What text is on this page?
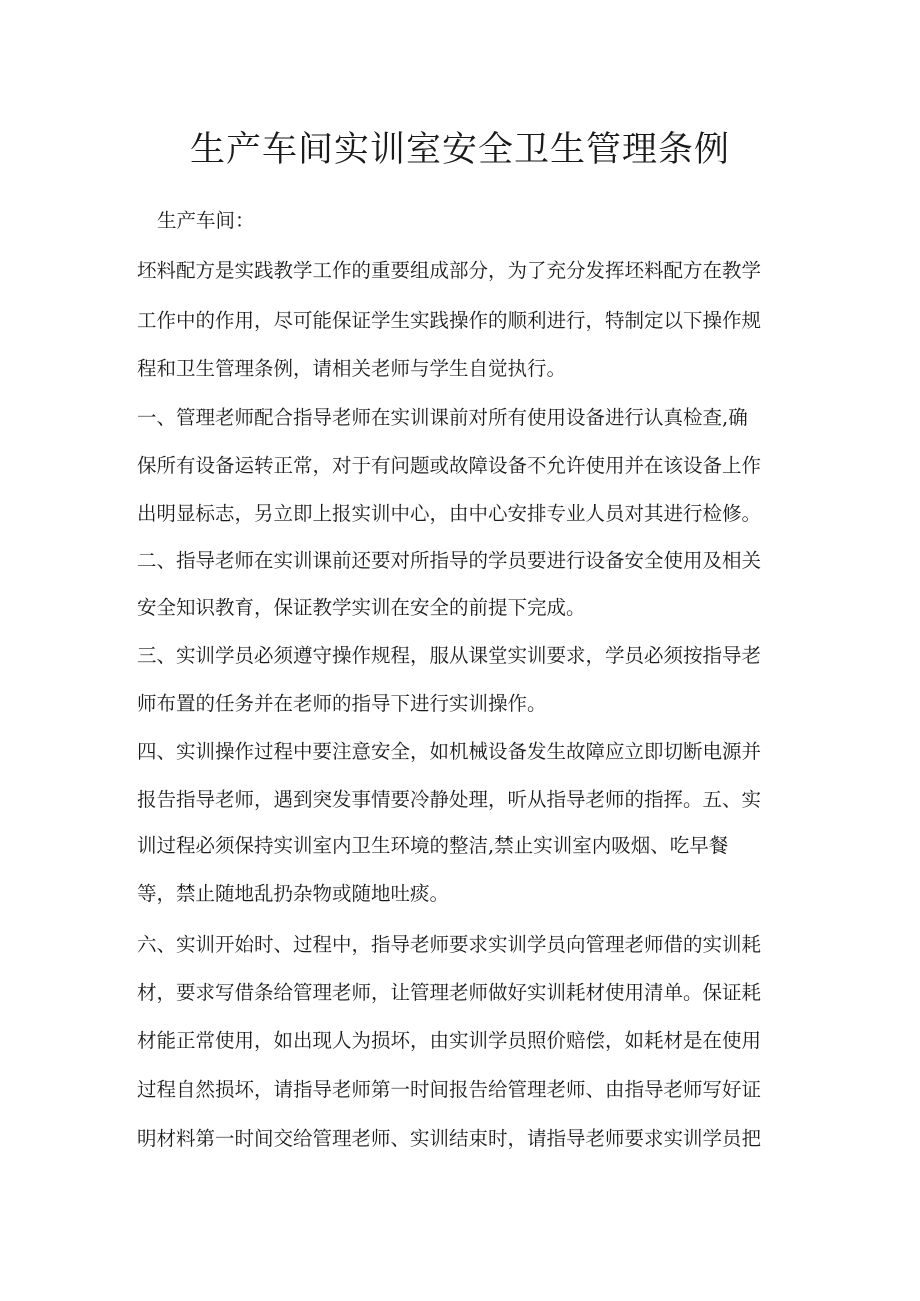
生产车间实训室安全卫生管理条例

生产车间：

坯料配方是实践教学工作的重要组成部分，为了充分发挥坯料配方在教学

工作中的作用，尽可能保证学生实践操作的顺利进行，特制定以下操作规

程和卫生管理条例，请相关老师与学生自觉执行。

一、管理老师配合指导老师在实训课前对所有使用设备进行认真检查,确

保所有设备运转正常，对于有问题或故障设备不允许使用并在该设备上作

出明显标志，另立即上报实训中心，由中心安排专业人员对其进行检修。

二、指导老师在实训课前还要对所指导的学员要进行设备安全使用及相关

安全知识教育，保证教学实训在安全的前提下完成。

三、实训学员必须遵守操作规程，服从课堂实训要求，学员必须按指导老

师布置的任务并在老师的指导下进行实训操作。

四、实训操作过程中要注意安全，如机械设备发生故障应立即切断电源并

报告指导老师，遇到突发事情要冷静处理，听从指导老师的指挥。五、实

训过程必须保持实训室内卫生环境的整洁,禁止实训室内吸烟、吃早餐

等，禁止随地乱扔杂物或随地吐痰。

六、实训开始时、过程中，指导老师要求实训学员向管理老师借的实训耗

材，要求写借条给管理老师，让管理老师做好实训耗材使用清单。保证耗

材能正常使用，如出现人为损坏，由实训学员照价赔偿，如耗材是在使用

过程自然损坏，请指导老师第一时间报告给管理老师、由指导老师写好证

明材料第一时间交给管理老师、实训结束时，请指导老师要求实训学员把
